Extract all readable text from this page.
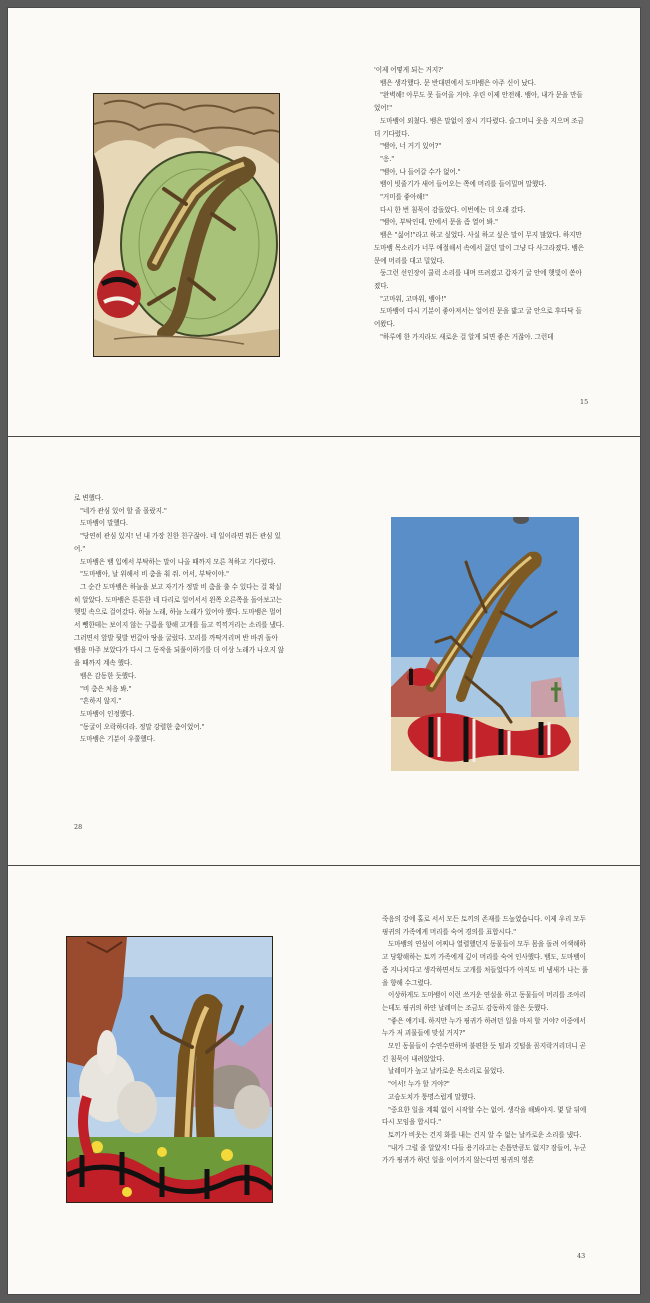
'이제 어떻게 되는 거지?'

뱀은 생각했다. 문 반대편에서 도마뱀은 아주 신이 났다.

"완벽해! 아무도 못 들어올 거야. 우린 이제 안전해. 뱀아, 내가 문을 만들었어!"

도마뱀이 외쳤다. 뱀은 말없이 잠시 기다렸다. 슬그머니 웃음 지으며 조금 더 기다렸다.

"뱀아, 너 거기 있어?"

"응."

"뱀아, 나 들어갈 수가 없어."

뱀이 빗줄기가 새어 들어오는 쪽에 머리를 들이밀며 말했다.

"거미를 좋아해!"

다시 한 번 침묵이 감돌았다. 이번에는 더 오래 갔다.

"뱀아, 부탁인데, 안에서 문을 좀 열어 봐."

뱀은 "싫어!"라고 하고 싶었다. 사실 하고 싶은 말이 무지 많았다. 하지만 도마뱀 목소리가 너무 애절해서 속에서 끓던 말이 그냥 다 사그라졌다. 뱀은 문에 머리를 대고 밀었다.

둥그런 선인장이 쿨럭 소리를 내며 뜨려졌고 갑자기 굴 안에 햇빛이 쏟아졌다.

"고마워, 고마워, 뱀아!"

도마뱀이 다시 기분이 좋아져서는 얼어진 문을 밟고 굴 안으로 후다닥 들어왔다.

"하루에 한 가지라도 새로운 걸 알게 되면 좋은 거잖아. 그런데

15

로 변했다.

"네가 관심 있어 할 줄 몰랐지."

도마뱀이 말했다.

"당연히 관심 있지! 넌 내 가장 친한 친구잖아. 네 일이라면 뭐든 관심 있어."

도마뱀은 뱀 입에서 부탁하는 말이 나올 때까지 모른 척하고 기다렸다.

"도마뱀아, 날 위해서 비 춤을 춰 줘. 어서, 부탁이야."

그 순간 도마뱀은 하늘을 보고 자기가 정말 비 춤을 출 수 있다는 걸 확실히 알았다. 도마뱀은 튼튼한 네 다리로 일어서서 왼쪽 오른쪽을 돌아보고는 햇빛 속으로 걸어갔다. 하늘 노래, 하늘 노래가 있어야 했다. 도마뱀은 멀어서 뺑한테는 보이지 않는 구름을 향해 고개를 들고 끽끽거리는 소리를 냈다. 그러면서 앞발 뒷발 번갈아 땅을 굴렀다. 꼬리를 까딱거리며 반 바퀴 돌아 뱀을 마주 보았다가 다시 그 동작을 되풀이하기를 더 이상 노래가 나오지 않을 때까지 계속 했다.

뱀은 감동한 듯했다.

"비 춤은 처음 봐."

"흔하지 않지."

도마뱀이 인정했다.

"동굴이 오락하더라. 정말 강렬한 춤이었어."

도마뱀은 기분이 우쭐했다.

28

죽음의 강에 홀로 서서 모든 토끼의 존재를 드높였습니다. 이제 우리 모두 핑귀의 가족에게 머리를 숙여 경의를 표합시다."

도마뱀의 연설이 어찌나 열렬했던지 동물들이 모두 몸을 돌려 어색해하고 당황해하는 토끼 가족에게 깊이 머리를 숙여 인사했다. 뱀도, 도마뱀이 좀 지나치다고 생각하면서도 고개를 처들었다가 아직도 비 냄새가 나는 풀을 향해 수그렸다.

이상하게도 도마뱀이 이런 쓰거운 연설을 하고 동물들이 머리를 조아리는데도 핑귀의 하얀 날레미는 조금도 감동하지 않은 듯했다.

"좋은 얘기네. 하지만 누가 핑귀가 하려던 일을 마저 할 거야? 이중에서 누가 저 괴물들에 맞설 거지?"

모인 동물들이 수연수연하며 불편한 듯 털과 깃털을 꼼지락거리더니 곧 긴 침묵이 내려앉았다.

날레미가 높고 날카로운 목소리로 물었다.

"어서! 누가 할 거야?"

고슴도치가 퉁명스럽게 말했다.

"중요한 일을 계획 없이 시작할 수는 없어. 생각을 해봐야지. 몇 달 뒤에 다시 모임을 합시다."

토끼가 비웃는 건지 화를 내는 건지 알 수 없는 날카로운 소리를 냈다.

"내가 그럴 줄 알았지! 다들 용기라고는 손톱만큼도 없지? 잠들어, 누군가가 핑귀가 하던 일을 이어가지 않는다면 핑귀의 영혼

43
